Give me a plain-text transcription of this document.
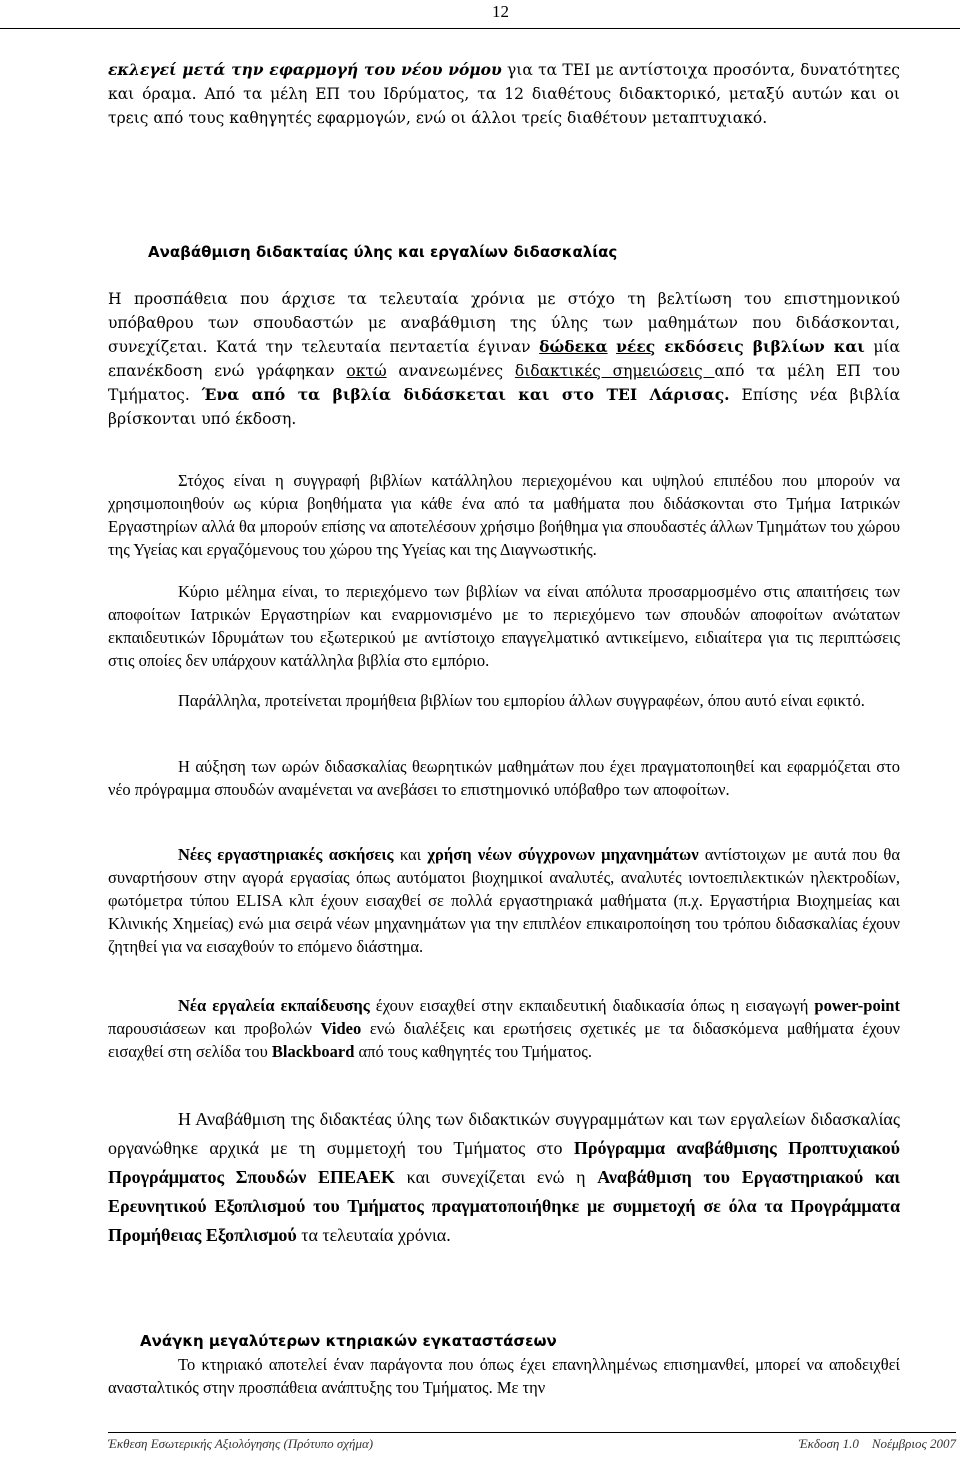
12

εκλεγεί μετά την εφαρμογή του νέου νόμου για τα ΤΕΙ με αντίστοιχα προσόντα, δυνατότητες και όραμα. Από τα μέλη ΕΠ του Ιδρύματος, τα 12 διαθέτους διδακτορικό, μεταξύ αυτών και οι τρεις από τους καθηγητές εφαρμογών, ενώ οι άλλοι τρείς διαθέτουν μεταπτυχιακό.

Αναβάθμιση διδακταίας ύλης και εργαλίων διδασκαλίας

Η προσπάθεια που άρχισε τα τελευταία χρόνια με στόχο τη βελτίωση του επιστημονικού υπόβαθρου των σπουδαστών με αναβάθμιση της ύλης των μαθημάτων που διδάσκονται, συνεχίζεται. Κατά την τελευταία πενταετία έγιναν δώδεκα νέες εκδόσεις βιβλίων και μία επανέκδοση ενώ γράφηκαν οκτώ ανανεωμένες διδακτικές σημειώσεις από τα μέλη ΕΠ του Τμήματος. Ένα από τα βιβλία διδάσκεται και στο ΤΕΙ Λάρισας. Επίσης νέα βιβλία βρίσκονται υπό έκδοση.

Στόχος είναι η συγγραφή βιβλίων κατάλληλου περιεχομένου και υψηλού επιπέδου που μπορούν να χρησιμοποιηθούν ως κύρια βοηθήματα για κάθε ένα από τα μαθήματα που διδάσκονται στο Τμήμα Ιατρικών Εργαστηρίων αλλά θα μπορούν επίσης να αποτελέσουν χρήσιμο βοήθημα για σπουδαστές άλλων Τμημάτων του χώρου της Υγείας και εργαζόμενους του χώρου της Υγείας και της Διαγνωστικής.

Κύριο μέλημα είναι, το περιεχόμενο των βιβλίων να είναι απόλυτα προσαρμοσμένο στις απαιτήσεις των αποφοίτων Ιατρικών Εργαστηρίων και εναρμονισμένο με το περιεχόμενο των σπουδών αποφοίτων ανώτατων εκπαιδευτικών Ιδρυμάτων του εξωτερικού με αντίστοιχο επαγγελματικό αντικείμενο, ειδιαίτερα για τις περιπτώσεις στις οποίες δεν υπάρχουν κατάλληλα βιβλία στο εμπόριο.

Παράλληλα, προτείνεται προμήθεια βιβλίων του εμπορίου άλλων συγγραφέων, όπου αυτό είναι εφικτό.

Η αύξηση των ωρών διδασκαλίας θεωρητικών μαθημάτων που έχει πραγματοποιηθεί και εφαρμόζεται στο νέο πρόγραμμα σπουδών αναμένεται να ανεβάσει το επιστημονικό υπόβαθρο των αποφοίτων.

Νέες εργαστηριακές ασκήσεις και χρήση νέων σύγχρονων μηχανημάτων αντίστοιχων με αυτά που θα συναρτήσουν στην αγορά εργασίας όπως αυτόματοι βιοχημικοί αναλυτές, αναλυτές ιοντοεπιλεκτικών ηλεκτροδίων, φωτόμετρα τύπου ELISA κλπ έχουν εισαχθεί σε πολλά εργαστηριακά μαθήματα (π.χ. Εργαστήρια Βιοχημείας και Κλινικής Χημείας) ενώ μια σειρά νέων μηχανημάτων για την επιπλέον επικαιροποίηση του τρόπου διδασκαλίας έχουν ζητηθεί για να εισαχθούν το επόμενο διάστημα.

Νέα εργαλεία εκπαίδευσης έχουν εισαχθεί στην εκπαιδευτική διαδικασία όπως η εισαγωγή power-point παρουσιάσεων και προβολών Video ενώ διαλέξεις και ερωτήσεις σχετικές με τα διδασκόμενα μαθήματα έχουν εισαχθεί στη σελίδα του Blackboard από τους καθηγητές του Τμήματος.

Η Αναβάθμιση της διδακτέας ύλης των διδακτικών συγγραμμάτων και των εργαλείων διδασκαλίας οργανώθηκε αρχικά με τη συμμετοχή του Τμήματος στο Πρόγραμμα αναβάθμισης Προπτυχιακού Προγράμματος Σπουδών ΕΠΕΑΕΚ και συνεχίζεται ενώ η Αναβάθμιση του Εργαστηριακού και Ερευνητικού Εξοπλισμού του Τμήματος πραγματοποιήθηκε με συμμετοχή σε όλα τα Προγράμματα Προμήθειας Εξοπλισμού τα τελευταία χρόνια.

Ανάγκη μεγαλύτερων κτηριακών εγκαταστάσεων

Το κτηριακό αποτελεί έναν παράγοντα που όπως έχει επανηλλημένως επισημανθεί, μπορεί να αποδειχθεί ανασταλτικός στην προσπάθεια ανάπτυξης του Τμήματος. Με την

Έκθεση Εσωτερικής Αξιολόγησης (Πρότυπο σχήμα)	Έκδοση 1.0    Νοέμβριος 2007
